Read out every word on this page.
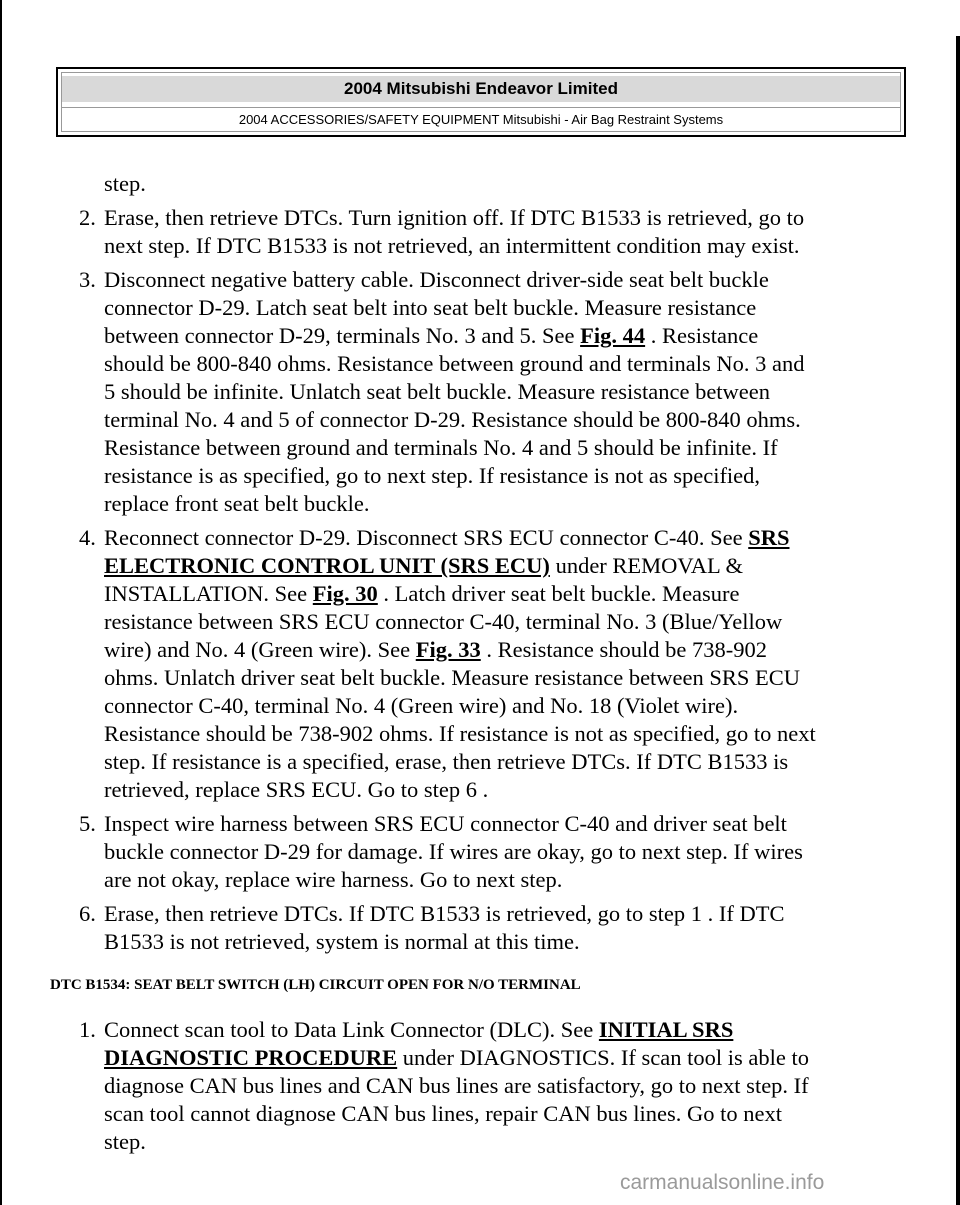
2004 Mitsubishi Endeavor Limited
2004 ACCESSORIES/SAFETY EQUIPMENT Mitsubishi - Air Bag Restraint Systems
step.
2. Erase, then retrieve DTCs. Turn ignition off. If DTC B1533 is retrieved, go to
next step. If DTC B1533 is not retrieved, an intermittent condition may exist.
3. Disconnect negative battery cable. Disconnect driver-side seat belt buckle
connector D-29. Latch seat belt into seat belt buckle. Measure resistance
between connector D-29, terminals No. 3 and 5. See Fig. 44 . Resistance
should be 800-840 ohms. Resistance between ground and terminals No. 3 and
5 should be infinite. Unlatch seat belt buckle. Measure resistance between
terminal No. 4 and 5 of connector D-29. Resistance should be 800-840 ohms.
Resistance between ground and terminals No. 4 and 5 should be infinite. If
resistance is as specified, go to next step. If resistance is not as specified,
replace front seat belt buckle.
4. Reconnect connector D-29. Disconnect SRS ECU connector C-40. See SRS
ELECTRONIC CONTROL UNIT (SRS ECU) under REMOVAL &
INSTALLATION. See Fig. 30 . Latch driver seat belt buckle. Measure
resistance between SRS ECU connector C-40, terminal No. 3 (Blue/Yellow
wire) and No. 4 (Green wire). See Fig. 33 . Resistance should be 738-902
ohms. Unlatch driver seat belt buckle. Measure resistance between SRS ECU
connector C-40, terminal No. 4 (Green wire) and No. 18 (Violet wire).
Resistance should be 738-902 ohms. If resistance is not as specified, go to next
step. If resistance is a specified, erase, then retrieve DTCs. If DTC B1533 is
retrieved, replace SRS ECU. Go to step 6 .
5. Inspect wire harness between SRS ECU connector C-40 and driver seat belt
buckle connector D-29 for damage. If wires are okay, go to next step. If wires
are not okay, replace wire harness. Go to next step.
6. Erase, then retrieve DTCs. If DTC B1533 is retrieved, go to step 1 . If DTC
B1533 is not retrieved, system is normal at this time.
DTC B1534: SEAT BELT SWITCH (LH) CIRCUIT OPEN FOR N/O TERMINAL
1. Connect scan tool to Data Link Connector (DLC). See INITIAL SRS
DIAGNOSTIC PROCEDURE under DIAGNOSTICS. If scan tool is able to
diagnose CAN bus lines and CAN bus lines are satisfactory, go to next step. If
scan tool cannot diagnose CAN bus lines, repair CAN bus lines. Go to next
step.
carmanualsonline.info
